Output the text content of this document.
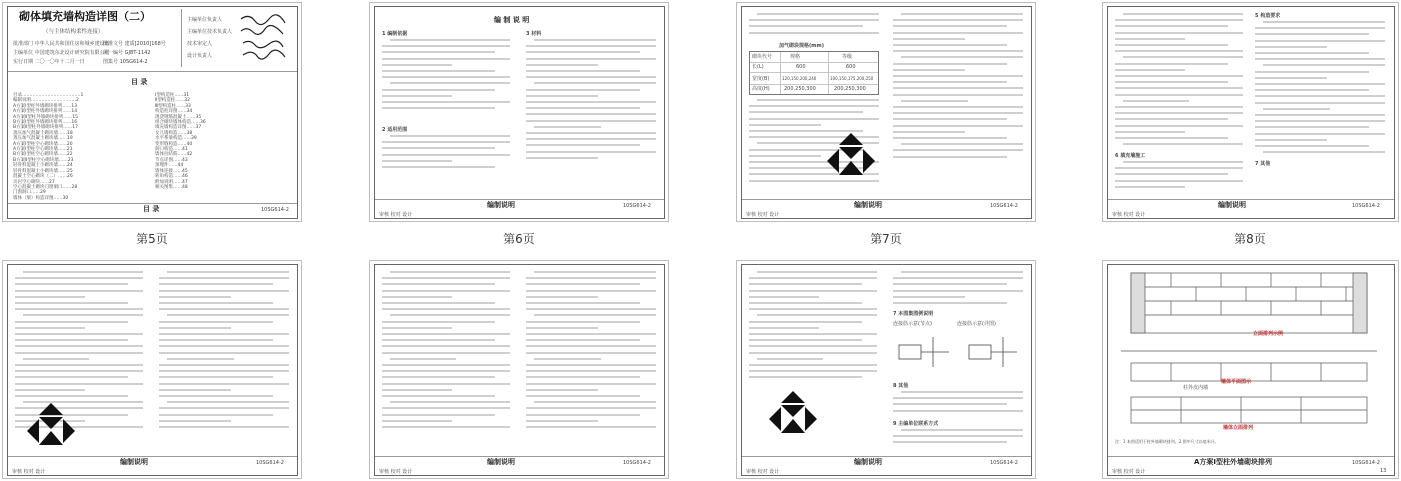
砌体填充墙构造详图（二）
（与主体结构柔性连接）
批准部门 中华人民共和国住房和城乡建设部
主编单位 中国建筑东北设计研究院有限公司
实行日期 二〇一〇年十二月一日
批准文号 建质[2010]168号
统一编号 GJBT-1142
图集号 10SG614-2
主编单位负责人
主编单位技术负责人
技术审定人
设计负责人
目 录
目录…………………………………1
编制说明…………………………2
A方案Ⅰ型柱外墙砌块排列……13
A方案Ⅰ型柱外墙砌块排列……14
A方案Ⅱ型柱外墙砌块排列……15
B方案Ⅰ型柱外墙砌块排列……16
B方案Ⅱ型柱外墙砌块排列……17
蒸压加气混凝土砌块墙……18
蒸压加气混凝土砌块墙……19
A方案Ⅰ型柱空心砌块墙……20
A方案Ⅰ型柱空心砌块墙……21
B方案Ⅰ型柱空心砌块墙……22
B方案Ⅱ型柱空心砌块墙……23
轻骨料混凝土小砌块墙……24
轻骨料混凝土小砌块墙……25
混凝土空心砌块（二）……26
页岩空心砌块……27
空心混凝土砌块门窗洞口……28
门窗洞口……29
墙体（梁）构造详图……30
Ⅰ型构造柱……31
Ⅱ型构造柱……32
Ⅲ型构造柱……33
构造柱详图……34
现浇钢筋混凝土……35
组合砌块墙体构造……36
填充墙构造详图……37
女儿墙构造……38
水平系梁构造……39
变形缝构造……40
洞口构造……41
墙体拉结筋……42
节点详图……43
预埋件……44
墙体连接……45
转角构造……46
附加说明……47
相关图集……48
目 录	10SG614-2
第5页
编 制 说 明
1 编制依据
2 适用范围
3 材料
编制说明	10SG614-2
审核 校对 设计
第6页
加气砌块规格(mm)
砌块代号	规格	等级
长(L)	600	600
宽度(B)	120,150,200,240	100,150,175,200,250
高度(H)	200,250,300	200,250,300
编制说明	10SG614-2
审核 校对 设计
第7页
6 填充墙施工
5 构造要求
7 其他
编制说明	10SG614-2
审核 校对 设计
第8页
编制说明	10SG614-2
审核 校对 设计
编制说明	10SG614-2
审核 校对 设计
7 本图集图例说明
连接筋示意(节点)	连接筋示意(详图)
8 其他
9 主编单位联系方式
编制说明	10SG614-2
审核 校对 设计
立面排列示例
墙体平面图示
柱外皮内墙
墙体立面排列
注：1 本图适用于柱外墙砌块排列。2 图中尺寸以毫米计。
A方案Ⅰ型柱外墙砌块排列	10SG614-2
13
审核 校对 设计
